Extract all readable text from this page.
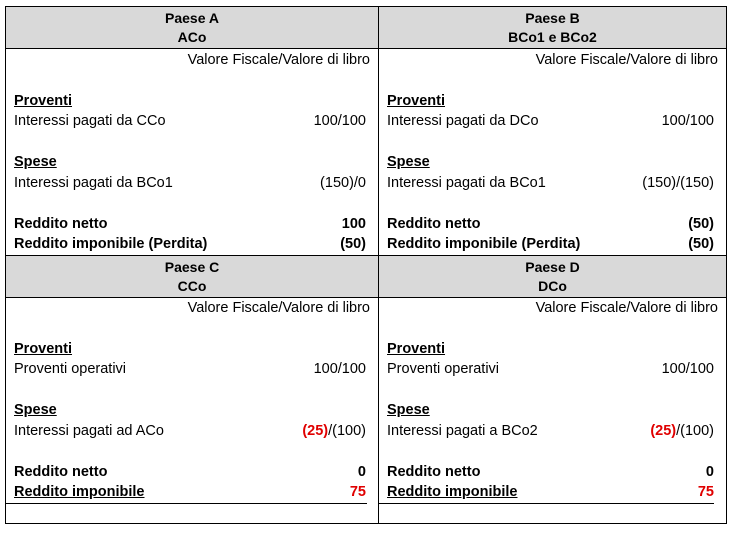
Paese A
ACo
Valore Fiscale/Valore di libro
Proventi
Interessi pagati da CCo	100/100
Spese
Interessi pagati da BCo1	(150)/0
Reddito netto	100
Reddito imponibile (Perdita)	(50)
Paese B
BCo1 e BCo2
Valore Fiscale/Valore di libro
Proventi
Interessi pagati da DCo	100/100
Spese
Interessi pagati da BCo1	(150)/(150)
Reddito netto	(50)
Reddito imponibile (Perdita)	(50)
Paese C
CCo
Valore Fiscale/Valore di libro
Proventi
Proventi operativi	100/100
Spese
Interessi pagati ad ACo	(25)/(100)
Reddito netto	0
Reddito imponibile	75
Paese D
DCo
Valore Fiscale/Valore di libro
Proventi
Proventi operativi	100/100
Spese
Interessi pagati a BCo2	(25)/(100)
Reddito netto	0
Reddito imponibile	75
